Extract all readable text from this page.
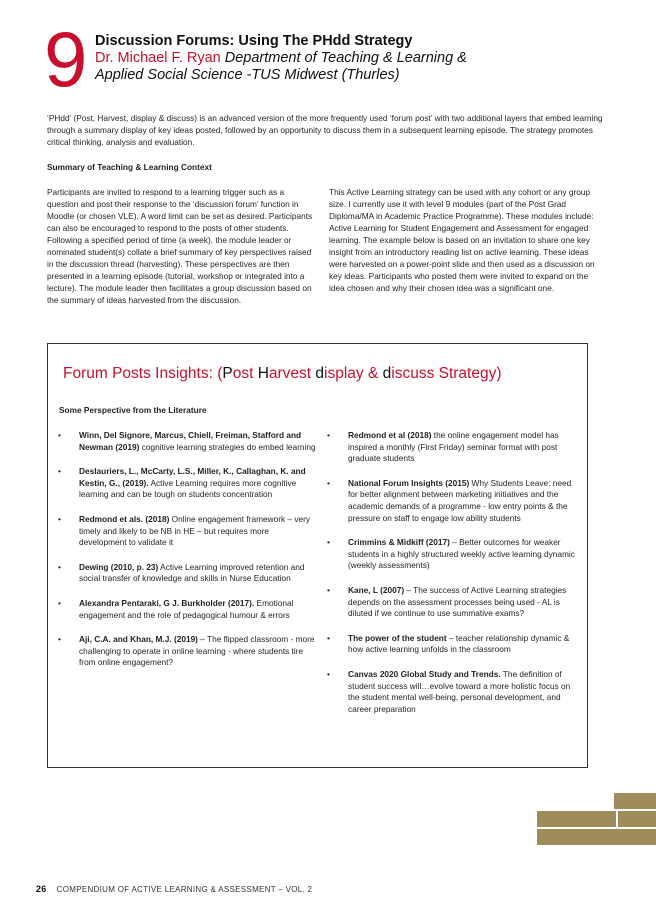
9 Discussion Forums: Using The PHdd Strategy
Dr. Michael F. Ryan Department of Teaching & Learning &
Applied Social Science -TUS Midwest (Thurles)
‘PHdd’ (Post, Harvest, display & discuss) is an advanced version of the more frequently used ‘forum post’ with two additional layers that embed learning through a summary display of key ideas posted, followed by an opportunity to discuss them in a subsequent learning episode. The strategy promotes critical thinking, analysis and evaluation.
Summary of Teaching & Learning Context
Participants are invited to respond to a learning trigger such as a question and post their response to the ‘discussion forum’ function in Moodle (or chosen VLE). A word limit can be set as desired. Participants can also be encouraged to respond to the posts of other students. Following a specified period of time (a week), the module leader or nominated student(s) collate a brief summary of key perspectives raised in the discussion thread (harvesting). These perspectives are then presented in a learning episode (tutorial, workshop or integrated into a lecture). The module leader then facilitates a group discussion based on the summary of ideas harvested from the discussion.
This Active Learning strategy can be used with any cohort or any group size. I currently use it with level 9 modules (part of the Post Grad Diploma/MA in Academic Practice Programme). These modules include: Active Learning for Student Engagement and Assessment for engaged learning. The example below is based on an invitation to share one key insight from an introductory reading list on active learning. These ideas were harvested on a power-point slide and then used as a discussion on key ideas. Participants who posted them were invited to expand on the idea chosen and why their chosen idea was a significant one.
Forum Posts Insights: (Post Harvest display & discuss Strategy)
Some Perspective from the Literature
• Winn, Del Signore, Marcus, Chiell, Freiman, Stafford and Newman (2019) cognitive learning strategies do embed learning
• Deslauriers, L., McCarty, L.S., Miller, K., Callaghan, K. and Kestin, G., (2019). Active Learning requires more cognitive learning and can be tough on students concentration
• Redmond et als. (2018) Online engagement framework – very timely and likely to be NB in HE – but requires more development to validate it
• Dewing (2010, p. 23) Active Learning improved retention and social transfer of knowledge and skills in Nurse Education
• Alexandra Pentaraki, G J. Burkholder (2017). Emotional engagement and the role of pedagogical humour & errors
• Aji, C.A. and Khan, M.J. (2019) – The flipped classroom - more challenging to operate in online learning - where students tire from online engagement?
• Redmond et al (2018) the online engagement model has inspired a monthly (First Friday) seminar format with post graduate students
• National Forum Insights (2015) Why Students Leave: need for better alignment between marketing initiatives and the academic demands of a programme - low entry points & the pressure on staff to engage low ability students
• Crimmins & Midkiff (2017) – Better outcomes for weaker students in a highly structured weekly active learning dynamic (weekly assessments)
• Kane, L (2007) – The success of Active Learning strategies depends on the assessment processes being used - AL is diluted if we continue to use summative exams?
• The power of the student – teacher relationship dynamic & how active learning unfolds in the classroom
• Canvas 2020 Global Study and Trends. The definition of student success will…evolve toward a more holistic focus on the student mental well-being, personal development, and career preparation
26 COMPENDIUM OF ACTIVE LEARNING & ASSESSMENT – VOL. 2
